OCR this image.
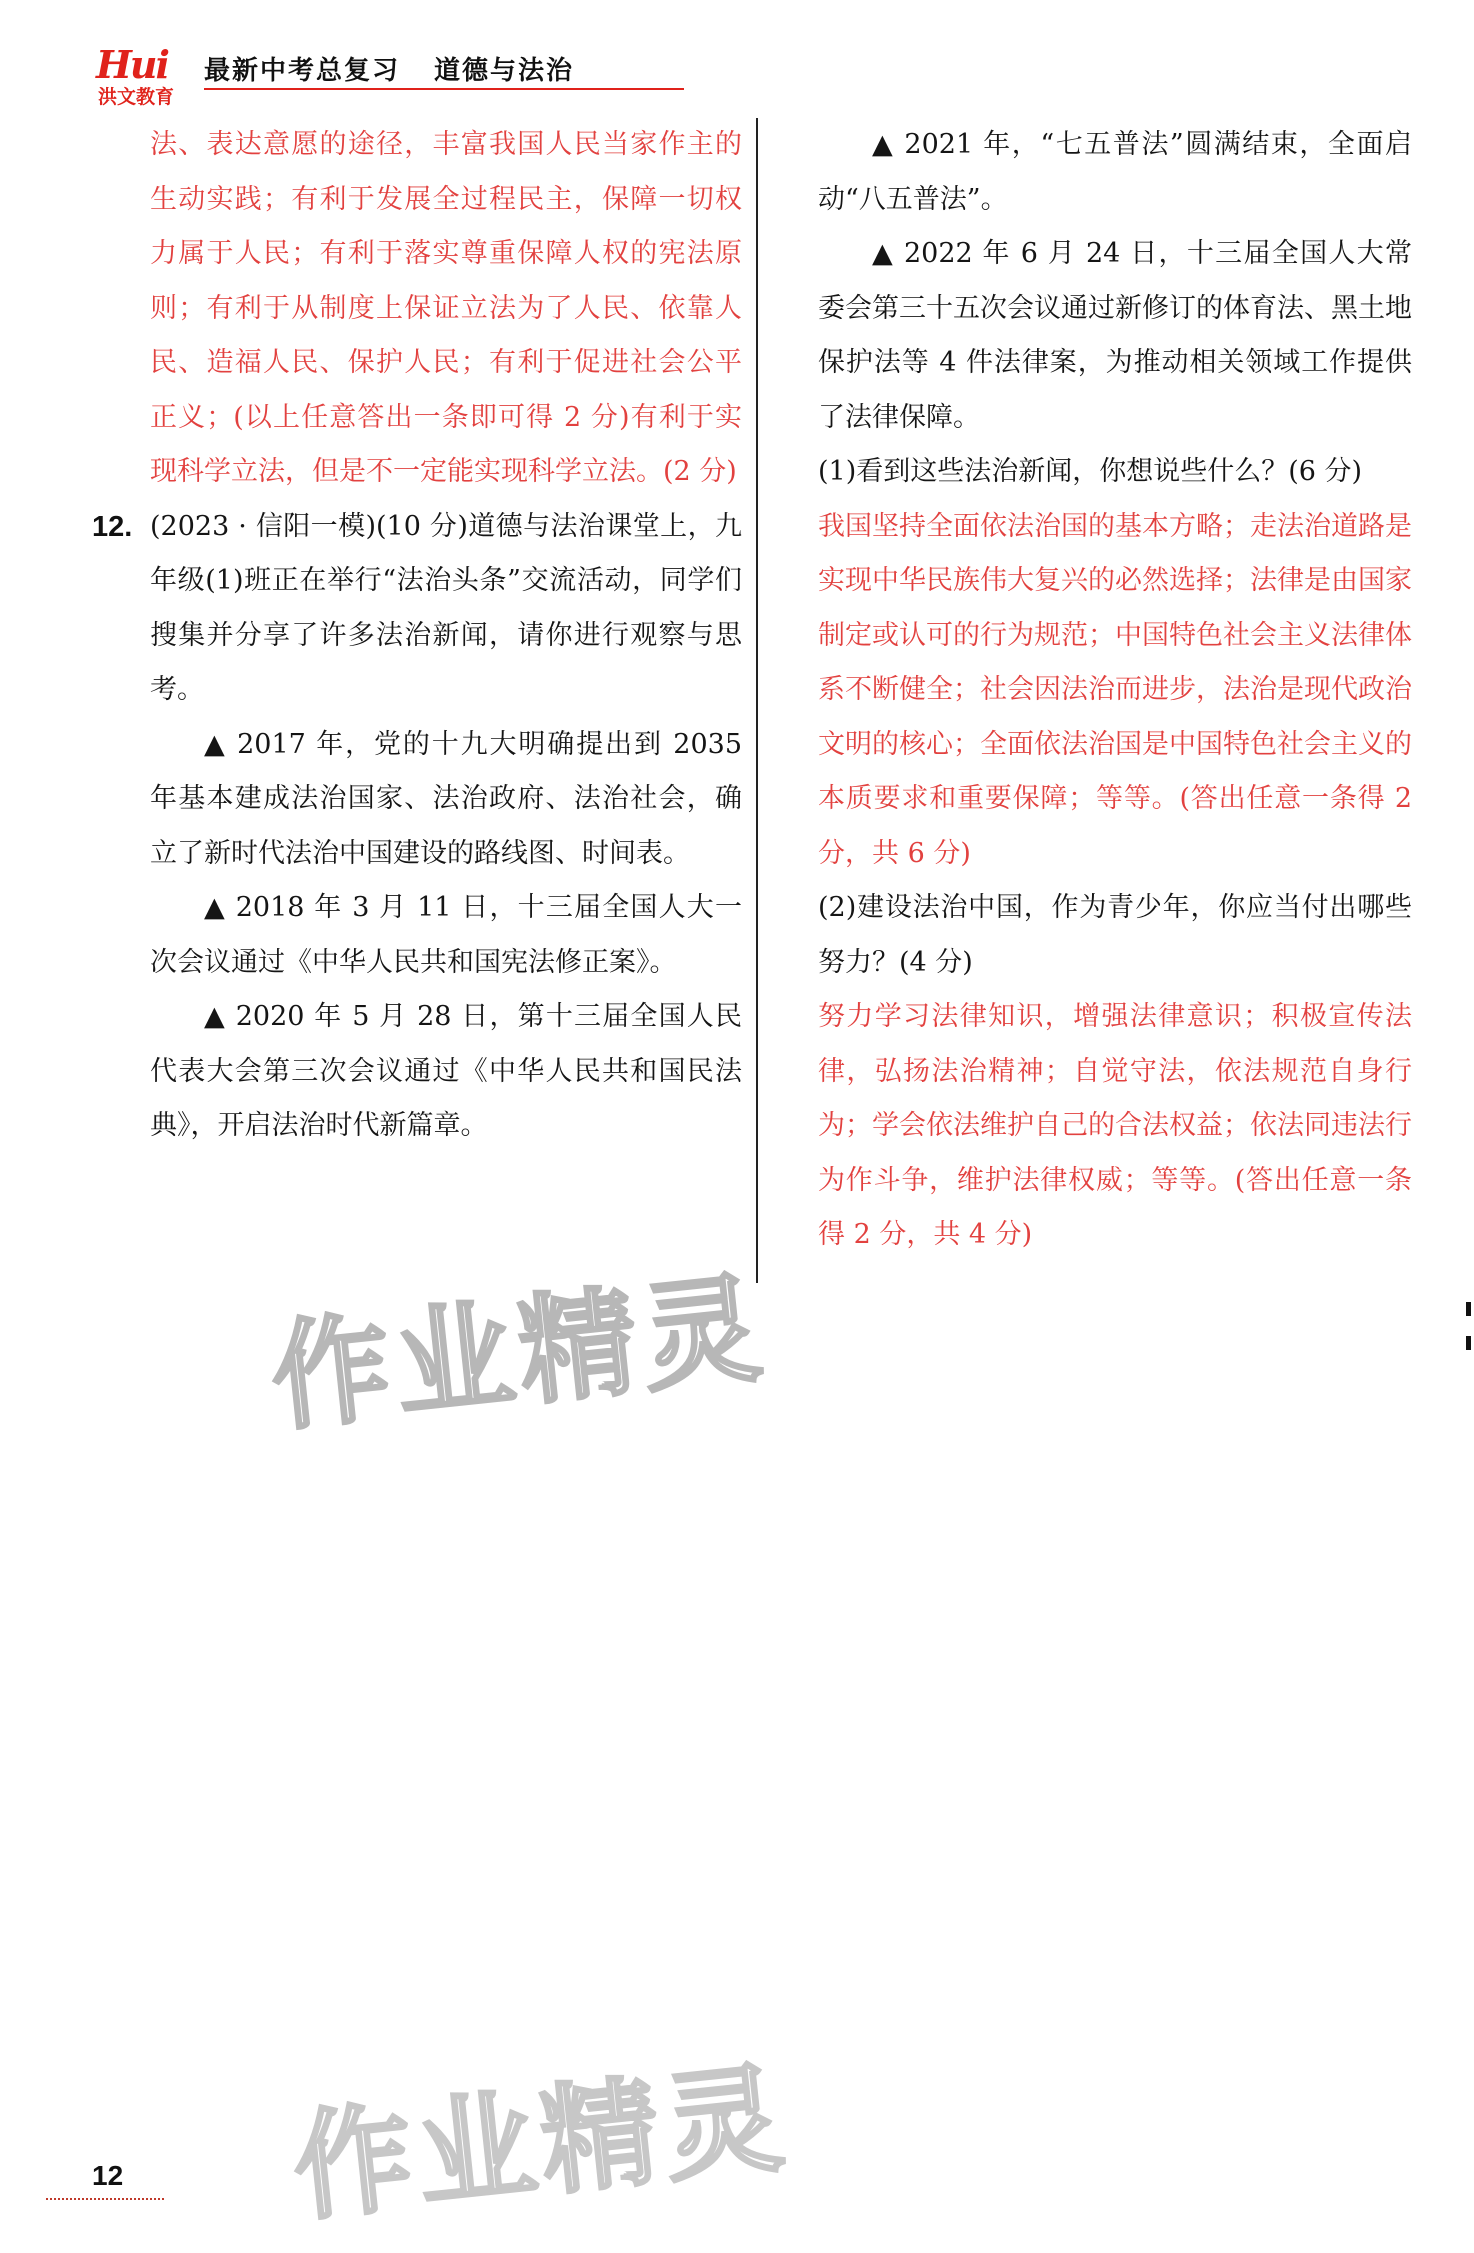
Hui
洪文教育
最新中考总复习 道德与法治

法、表达意愿的途径，丰富我国人民当家作主的生动实践；有利于发展全过程民主，保障一切权力属于人民；有利于落实尊重保障人权的宪法原则；有利于从制度上保证立法为了人民、依靠人民、造福人民、保护人民；有利于促进社会公平正义；(以上任意答出一条即可得 2 分)有利于实现科学立法，但是不一定能实现科学立法。(2 分)

12. (2023 · 信阳一模)(10 分)道德与法治课堂上，九年级(1)班正在举行“法治头条”交流活动，同学们搜集并分享了许多法治新闻，请你进行观察与思考。

▲ 2017 年，党的十九大明确提出到 2035 年基本建成法治国家、法治政府、法治社会，确立了新时代法治中国建设的路线图、时间表。

▲ 2018 年 3 月 11 日，十三届全国人大一次会议通过《中华人民共和国宪法修正案》。

▲ 2020 年 5 月 28 日，第十三届全国人民代表大会第三次会议通过《中华人民共和国民法典》，开启法治时代新篇章。

▲ 2021 年，“七五普法”圆满结束，全面启动“八五普法”。

▲ 2022 年 6 月 24 日，十三届全国人大常委会第三十五次会议通过新修订的体育法、黑土地保护法等 4 件法律案，为推动相关领域工作提供了法律保障。

(1)看到这些法治新闻，你想说些什么？(6 分)

我国坚持全面依法治国的基本方略；走法治道路是实现中华民族伟大复兴的必然选择；法律是由国家制定或认可的行为规范；中国特色社会主义法律体系不断健全；社会因法治而进步，法治是现代政治文明的核心；全面依法治国是中国特色社会主义的本质要求和重要保障；等等。(答出任意一条得 2 分，共 6 分)

(2)建设法治中国，作为青少年，你应当付出哪些努力？(4 分)

努力学习法律知识，增强法律意识；积极宣传法律，弘扬法治精神；自觉守法，依法规范自身行为；学会依法维护自己的合法权益；依法同违法行为作斗争，维护法律权威；等等。(答出任意一条得 2 分，共 4 分)

作业精灵
作业精灵
12
